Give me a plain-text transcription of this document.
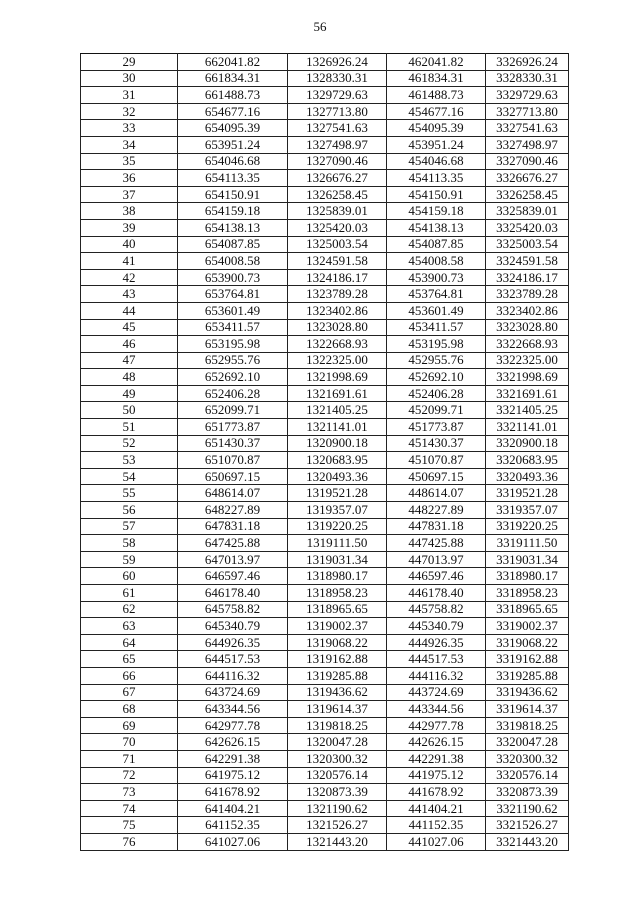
56
29	662041.82	1326926.24	462041.82	3326926.24
30	661834.31	1328330.31	461834.31	3328330.31
31	661488.73	1329729.63	461488.73	3329729.63
32	654677.16	1327713.80	454677.16	3327713.80
33	654095.39	1327541.63	454095.39	3327541.63
34	653951.24	1327498.97	453951.24	3327498.97
35	654046.68	1327090.46	454046.68	3327090.46
36	654113.35	1326676.27	454113.35	3326676.27
37	654150.91	1326258.45	454150.91	3326258.45
38	654159.18	1325839.01	454159.18	3325839.01
39	654138.13	1325420.03	454138.13	3325420.03
40	654087.85	1325003.54	454087.85	3325003.54
41	654008.58	1324591.58	454008.58	3324591.58
42	653900.73	1324186.17	453900.73	3324186.17
43	653764.81	1323789.28	453764.81	3323789.28
44	653601.49	1323402.86	453601.49	3323402.86
45	653411.57	1323028.80	453411.57	3323028.80
46	653195.98	1322668.93	453195.98	3322668.93
47	652955.76	1322325.00	452955.76	3322325.00
48	652692.10	1321998.69	452692.10	3321998.69
49	652406.28	1321691.61	452406.28	3321691.61
50	652099.71	1321405.25	452099.71	3321405.25
51	651773.87	1321141.01	451773.87	3321141.01
52	651430.37	1320900.18	451430.37	3320900.18
53	651070.87	1320683.95	451070.87	3320683.95
54	650697.15	1320493.36	450697.15	3320493.36
55	648614.07	1319521.28	448614.07	3319521.28
56	648227.89	1319357.07	448227.89	3319357.07
57	647831.18	1319220.25	447831.18	3319220.25
58	647425.88	1319111.50	447425.88	3319111.50
59	647013.97	1319031.34	447013.97	3319031.34
60	646597.46	1318980.17	446597.46	3318980.17
61	646178.40	1318958.23	446178.40	3318958.23
62	645758.82	1318965.65	445758.82	3318965.65
63	645340.79	1319002.37	445340.79	3319002.37
64	644926.35	1319068.22	444926.35	3319068.22
65	644517.53	1319162.88	444517.53	3319162.88
66	644116.32	1319285.88	444116.32	3319285.88
67	643724.69	1319436.62	443724.69	3319436.62
68	643344.56	1319614.37	443344.56	3319614.37
69	642977.78	1319818.25	442977.78	3319818.25
70	642626.15	1320047.28	442626.15	3320047.28
71	642291.38	1320300.32	442291.38	3320300.32
72	641975.12	1320576.14	441975.12	3320576.14
73	641678.92	1320873.39	441678.92	3320873.39
74	641404.21	1321190.62	441404.21	3321190.62
75	641152.35	1321526.27	441152.35	3321526.27
76	641027.06	1321443.20	441027.06	3321443.20
